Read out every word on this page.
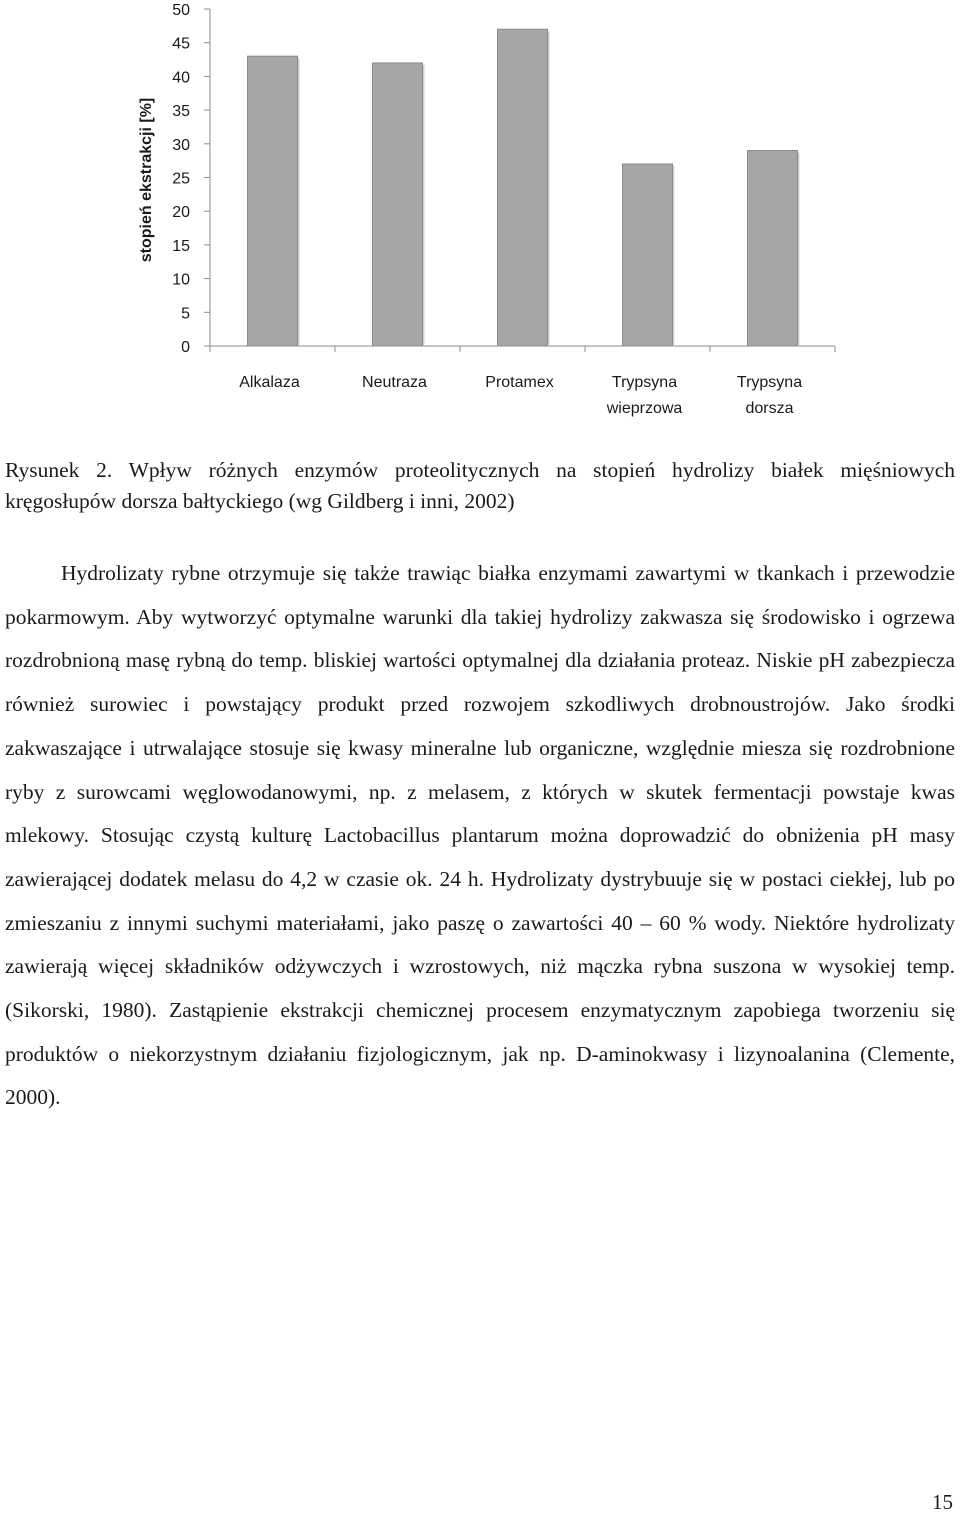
0
5
10
15
20
25
30
35
40
45
50
Alkalaza	Neutraza	Protamex	Trypsyna
wieprzowa
Trypsyna
dorsza
stopień ekstrakcji [%]

Rysunek 2. Wpływ różnych enzymów proteolitycznych na stopień hydrolizy białek mięśniowych kręgosłupów dorsza bałtyckiego (wg Gildberg i inni, 2002)

Hydrolizaty rybne otrzymuje się także trawiąc białka enzymami zawartymi w tkankach i przewodzie pokarmowym. Aby wytworzyć optymalne warunki dla takiej hydrolizy zakwasza się środowisko i ogrzewa rozdrobnioną masę rybną do temp. bliskiej wartości optymalnej dla działania proteaz. Niskie pH zabezpiecza również surowiec i powstający produkt przed rozwojem szkodliwych drobnoustrojów. Jako środki zakwaszające i utrwalające stosuje się kwasy mineralne lub organiczne, względnie miesza się rozdrobnione ryby z surowcami węglowodanowymi, np. z melasem, z których w skutek fermentacji powstaje kwas mlekowy. Stosując czystą kulturę Lactobacillus plantarum można doprowadzić do obniżenia pH masy zawierającej dodatek melasu do 4,2 w czasie ok. 24 h. Hydrolizaty dystrybuuje się w postaci ciekłej, lub po zmieszaniu z innymi suchymi materiałami, jako paszę o zawartości 40 – 60 % wody. Niektóre hydrolizaty zawierają więcej składników odżywczych i wzrostowych, niż mączka rybna suszona w wysokiej temp. (Sikorski, 1980). Zastąpienie ekstrakcji chemicznej procesem enzymatycznym zapobiega tworzeniu się produktów o niekorzystnym działaniu fizjologicznym, jak np. D-aminokwasy i lizynoalanina (Clemente, 2000).

15
